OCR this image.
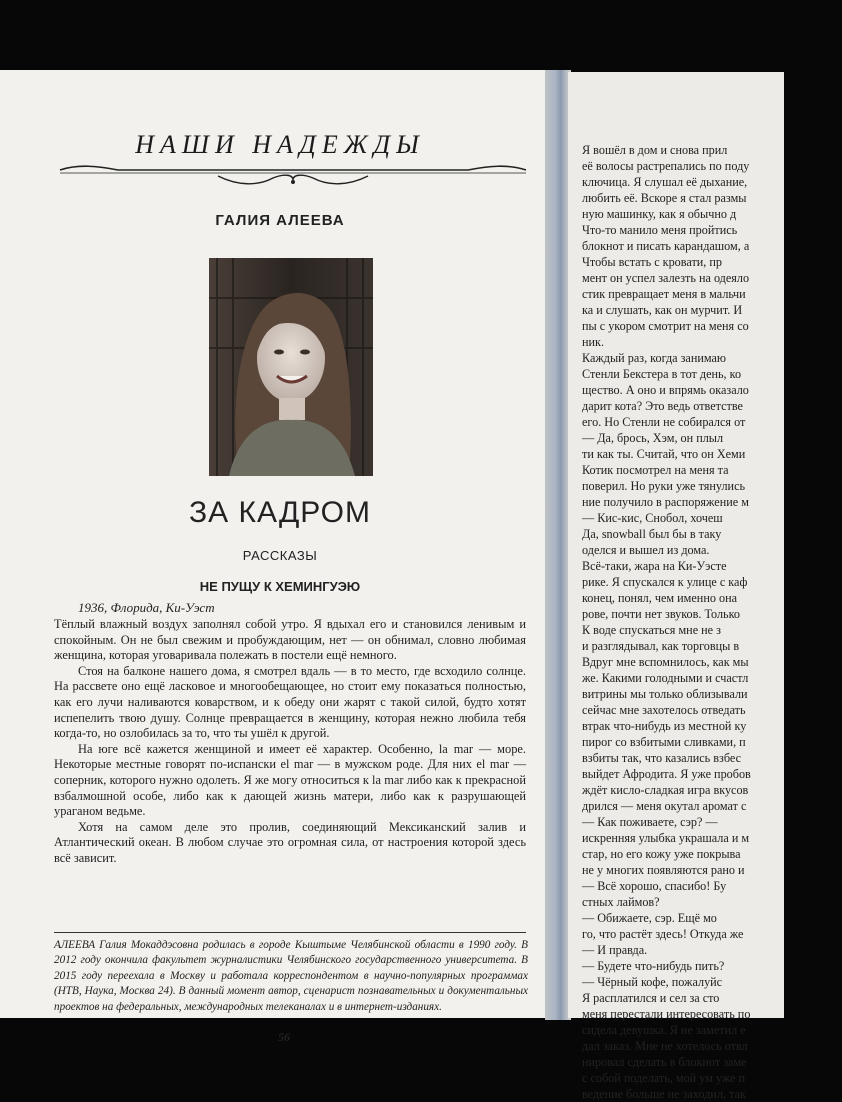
НАШИ НАДЕЖДЫ
ГАЛИЯ АЛЕЕВА
ЗА КАДРОМ
РАССКАЗЫ
НЕ ПУЩУ К ХЕМИНГУЭЮ
1936, Флорида, Ки-Уэст

Тёплый влажный воздух заполнял собой утро. Я вдыхал его и становился ленивым и спокойным. Он не был свежим и пробуждающим, нет — он обнимал, словно любимая женщина, которая уговаривала полежать в постели ещё немного.

Стоя на балконе нашего дома, я смотрел вдаль — в то место, где всходило солнце. На рассвете оно ещё ласковое и многообещающее, но стоит ему показаться полностью, как его лучи наливаются коварством, и к обеду они жарят с такой силой, будто хотят испепелить твою душу. Солнце превращается в женщину, которая нежно любила тебя когда-то, но озлобилась за то, что ты ушёл к другой.

На юге всё кажется женщиной и имеет её характер. Особенно, la mar — море. Некоторые местные говорят по-испански el mar — в мужском роде. Для них el mar — соперник, которого нужно одолеть. Я же могу относиться к la mar либо как к прекрасной взбалмошной особе, либо как к дающей жизнь матери, либо как к разрушающей ураганом ведьме.

Хотя на самом деле это пролив, соединяющий Мексиканский залив и Атлантический океан. В любом случае это огромная сила, от настроения которой здесь всё зависит.

АЛЕЕВА Галия Мокаддэсовна родилась в городе Кыштыме Челябинской области в 1990 году. В 2012 году окончила факультет журналистики Челябинского государственного университета. В 2015 году переехала в Москву и работала корреспондентом в научно-популярных программах (НТВ, Наука, Москва 24). В данный момент автор, сценарист познавательных и документальных проектов на федеральных, международных телеканалах и в интернет-изданиях.
56
Я вошёл в дом и снова прил
её волосы растрепались по поду
ключица. Я слушал её дыхание,
любить её. Вскоре я стал размы
ную машинку, как я обычно д
Что-то манило меня пройтись
блокнот и писать карандашом, а
Чтобы встать с кровати, пр
мент он успел залезть на одеяло
стик превращает меня в мальчи
ка и слушать, как он мурчит. И
пы с укором смотрит на меня со
ник.
Каждый раз, когда занимаю
Стенли Бекстера в тот день, ко
щество. А оно и впрямь оказало
дарит кота? Это ведь ответстве
его. Но Стенли не собирался от
— Да, брось, Хэм, он плыл
ти как ты. Считай, что он Хеми
Котик посмотрел на меня та
поверил. Но руки уже тянулись
ние получило в распоряжение м
— Кис-кис, Снобол, хочеш
Да, snowball был бы в таку
оделся и вышел из дома.
Всё-таки, жара на Ки-Уэсте
рике. Я спускался к улице с каф
конец, понял, чем именно она
рове, почти нет звуков. Только
К воде спускаться мне не з
и разглядывал, как торговцы в
Вдруг мне вспомнилось, как мы
же. Какими голодными и счастл
витрины мы только облизывали
сейчас мне захотелось отведать
втрак что-нибудь из местной ку
пирог со взбитыми сливками, п
взбиты так, что казались взбес
выйдет Афродита. Я уже пробов
ждёт кисло-сладкая игра вкусов
дрился — меня окутал аромат с
— Как поживаете, сэр? —
искренняя улыбка украшала и м
стар, но его кожу уже покрыва
не у многих появляются рано и
— Всё хорошо, спасибо! Бу
стных лаймов?
— Обижаете, сэр. Ещё мо
го, что растёт здесь! Откуда же
— И правда.
— Будете что-нибудь пить?
— Чёрный кофе, пожалуйс
Я расплатился и сел за сто
меня перестали интересовать по
сидела девушка. Я не заметил е
дал заказ. Мне не хотелось отвл
нировал сделать в блокнот заме
с собой поделать, мой ум уже п
ведение больше не заходил, так
